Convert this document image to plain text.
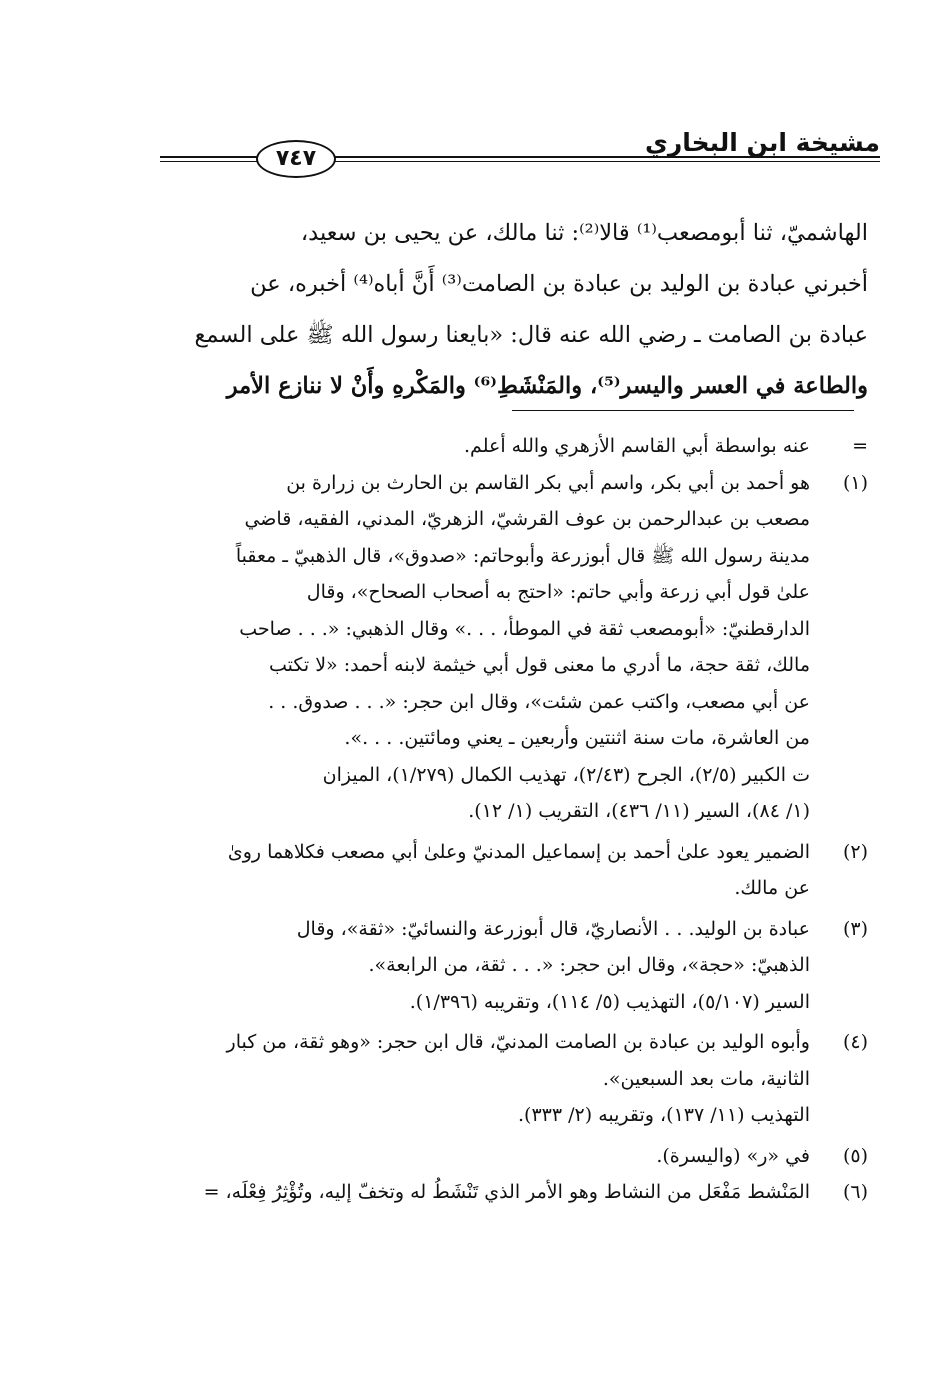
مشيخة ابن البخاري
٧٤٧
الهاشميّ، ثنا أبومصعب⁽¹⁾ قالا⁽²⁾: ثنا مالك، عن يحيى بن سعيد،
أخبرني عبادة بن الوليد بن عبادة بن الصامت⁽³⁾ أَنَّ أباه⁽⁴⁾ أخبره، عن
عبادة بن الصامت ـ رضي الله عنه قال: «بايعنا رسول الله ﷺ على السمع
والطاعة في العسر واليسر⁽⁵⁾، والمَنْشَطِ⁽⁶⁾ والمَكْرهِ وأَنْ لا ننازع الأمر
=

عنه بواسطة أبي القاسم الأزهري والله أعلم.

(١)

هو أحمد بن أبي بكر، واسم أبي بكر القاسم بن الحارث بن زرارة بن

مصعب بن عبدالرحمن بن عوف القرشيّ، الزهريّ، المدني، الفقيه، قاضي

مدينة رسول الله ﷺ قال أبوزرعة وأبوحاتم: «صدوق»، قال الذهبيّ ـ معقباً

علىٰ قول أبي زرعة وأبي حاتم: «احتج به أصحاب الصحاح»، وقال

الدارقطنيّ: «أبومصعب ثقة في الموطأ، . . .» وقال الذهبي: «. . . صاحب

مالك، ثقة حجة، ما أدري ما معنى قول أبي خيثمة لابنه أحمد: «لا تكتب

عن أبي مصعب، واكتب عمن شئت»، وقال ابن حجر: «. . . صدوق. . .

من العاشرة، مات سنة اثنتين وأربعين ـ يعني ومائتين. . . .».

ت الكبير (٢/٥)، الجرح (٢/٤٣)، تهذيب الكمال (١/٢٧٩)، الميزان

(١/ ٨٤)، السير (١١/ ٤٣٦)، التقريب (١/ ١٢).

(٢)

الضمير يعود علىٰ أحمد بن إسماعيل المدنيّ وعلىٰ أبي مصعب فكلاهما روىٰ

عن مالك.

(٣)

عبادة بن الوليد. . . الأنصاريّ، قال أبوزرعة والنسائيّ: «ثقة»، وقال

الذهبيّ: «حجة»، وقال ابن حجر: «. . . ثقة، من الرابعة».

السير (٥/١٠٧)، التهذيب (٥/ ١١٤)، وتقريبه (١/٣٩٦).

(٤)

وأبوه الوليد بن عبادة بن الصامت المدنيّ، قال ابن حجر: «وهو ثقة، من كبار

الثانية، مات بعد السبعين».

التهذيب (١١/ ١٣٧)، وتقريبه (٢/ ٣٣٣).

(٥)

في «ر» (واليسرة).

(٦)

المَنْشط مَفْعَل من النشاط وهو الأمر الذي تَنْشَطُ له وتخفّ إليه، وتُؤْثِرُ فِعْلَه، =
